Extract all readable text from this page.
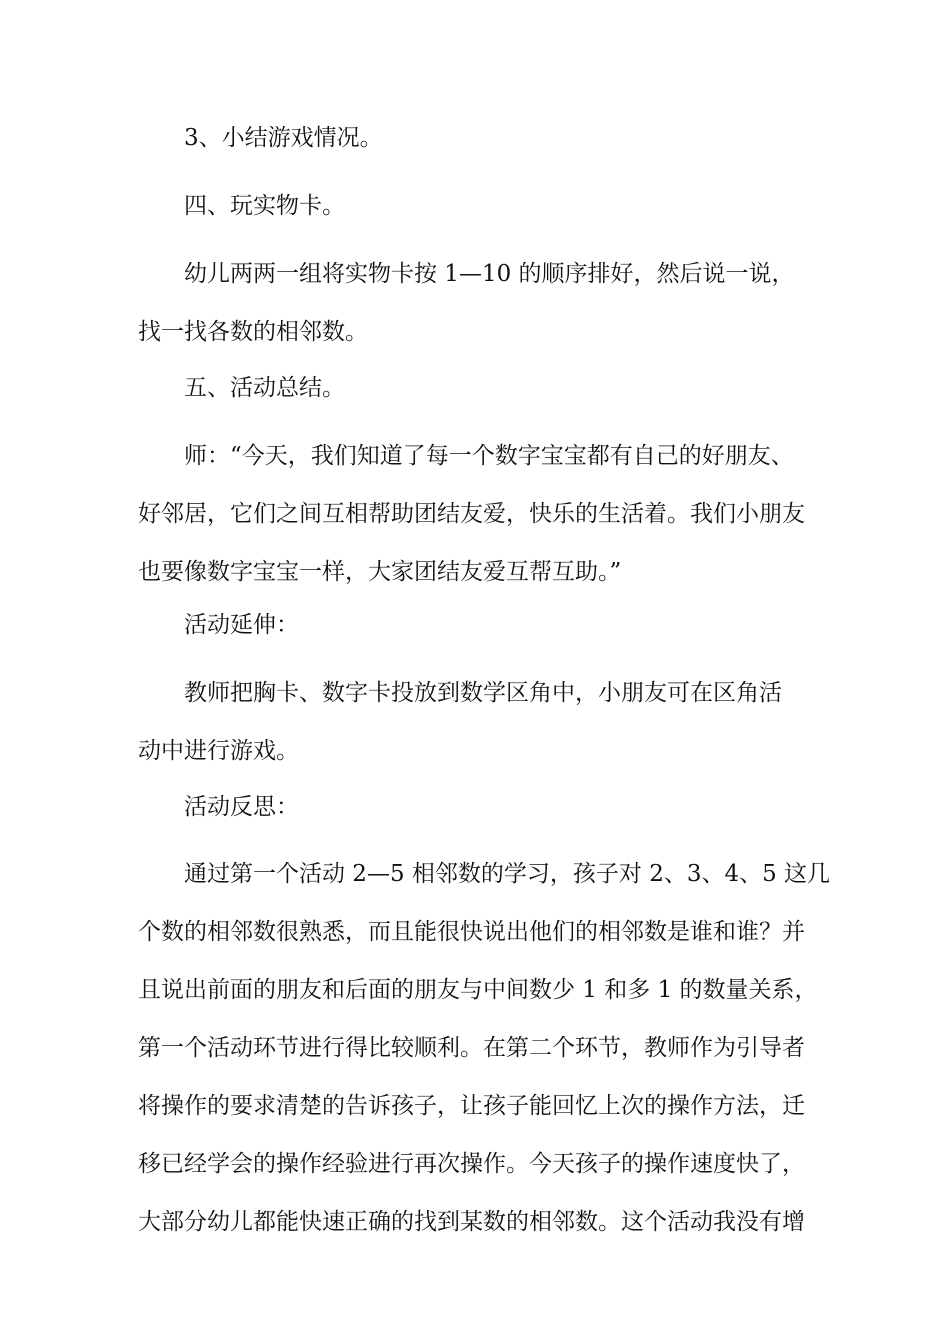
3、小结游戏情况。

四、玩实物卡。

幼儿两两一组将实物卡按 1—10 的顺序排好，然后说一说，
找一找各数的相邻数。

五、活动总结。

师：“今天，我们知道了每一个数字宝宝都有自己的好朋友、
好邻居，它们之间互相帮助团结友爱，快乐的生活着。我们小朋友
也要像数字宝宝一样，大家团结友爱互帮互助。”

活动延伸：

教师把胸卡、数字卡投放到数学区角中，小朋友可在区角活
动中进行游戏。

活动反思：

通过第一个活动 2—5 相邻数的学习，孩子对 2、3、4、5 这几
个数的相邻数很熟悉，而且能很快说出他们的相邻数是谁和谁？并
且说出前面的朋友和后面的朋友与中间数少 1 和多 1 的数量关系，
第一个活动环节进行得比较顺利。在第二个环节，教师作为引导者
将操作的要求清楚的告诉孩子，让孩子能回忆上次的操作方法，迁
移已经学会的操作经验进行再次操作。今天孩子的操作速度快了，
大部分幼儿都能快速正确的找到某数的相邻数。这个活动我没有增
